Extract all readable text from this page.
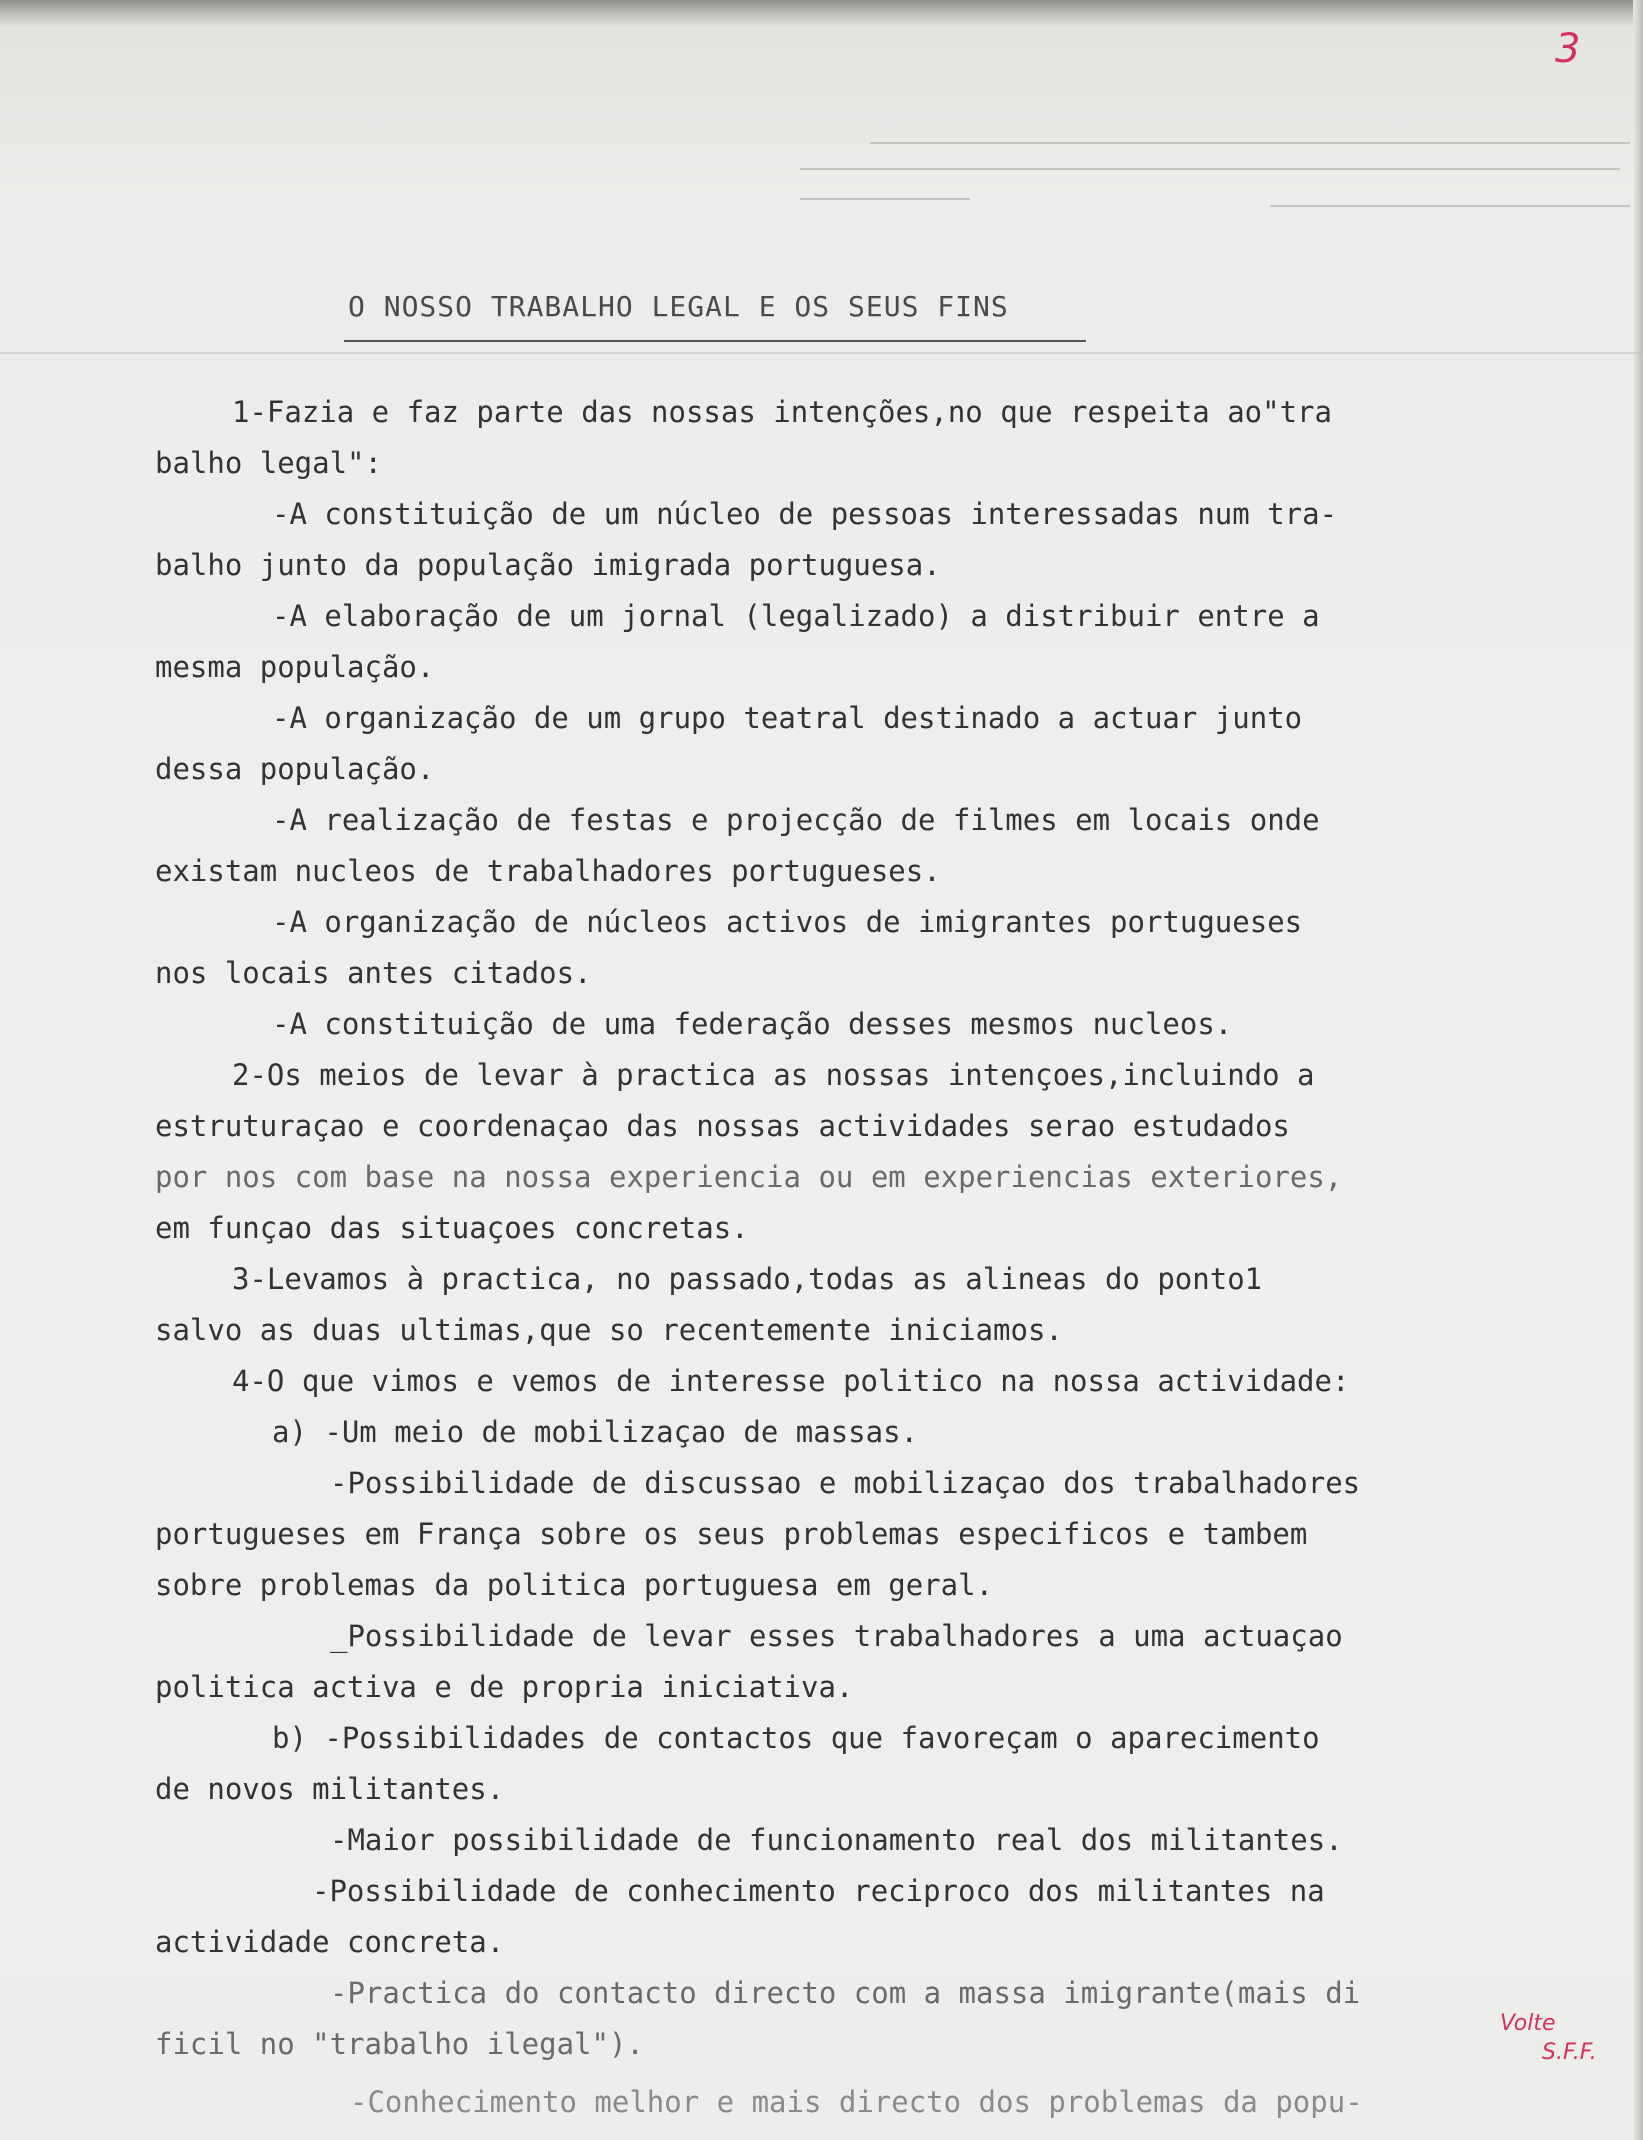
3
O NOSSO TRABALHO LEGAL E OS SEUS FINS
1-Fazia e faz parte das nossas intenções,no que respeita ao"tra
balho legal":
-A constituição de um núcleo de pessoas interessadas num tra-
balho junto da população imigrada portuguesa.
-A elaboração de um jornal (legalizado) a distribuir entre a
mesma população.
-A organização de um grupo teatral destinado a actuar junto
dessa população.
-A realização de festas e projecção de filmes em locais onde
existam nucleos de trabalhadores portugueses.
-A organização de núcleos activos de imigrantes portugueses
nos locais antes citados.
-A constituição de uma federação desses mesmos nucleos.
2-Os meios de levar à practica as nossas intençoes,incluindo a
estruturaçao e coordenaçao das nossas actividades serao estudados
por nos com base na nossa experiencia ou em experiencias exteriores,
em funçao das situaçoes concretas.
3-Levamos à practica, no passado,todas as alineas do ponto1
salvo as duas ultimas,que so recentemente iniciamos.
4-O que vimos e vemos de interesse politico na nossa actividade:
a) -Um meio de mobilizaçao de massas.
-Possibilidade de discussao e mobilizaçao dos trabalhadores
portugueses em França sobre os seus problemas especificos e tambem
sobre problemas da politica portuguesa em geral.
_Possibilidade de levar esses trabalhadores a uma actuaçao
politica activa e de propria iniciativa.
b) -Possibilidades de contactos que favoreçam o aparecimento
de novos militantes.
-Maior possibilidade de funcionamento real dos militantes.
-Possibilidade de conhecimento reciproco dos militantes na
actividade concreta.
-Practica do contacto directo com a massa imigrante(mais di
ficil no "trabalho ilegal").
-Conhecimento melhor e mais directo dos problemas da popu-
Volte
S.F.F.
